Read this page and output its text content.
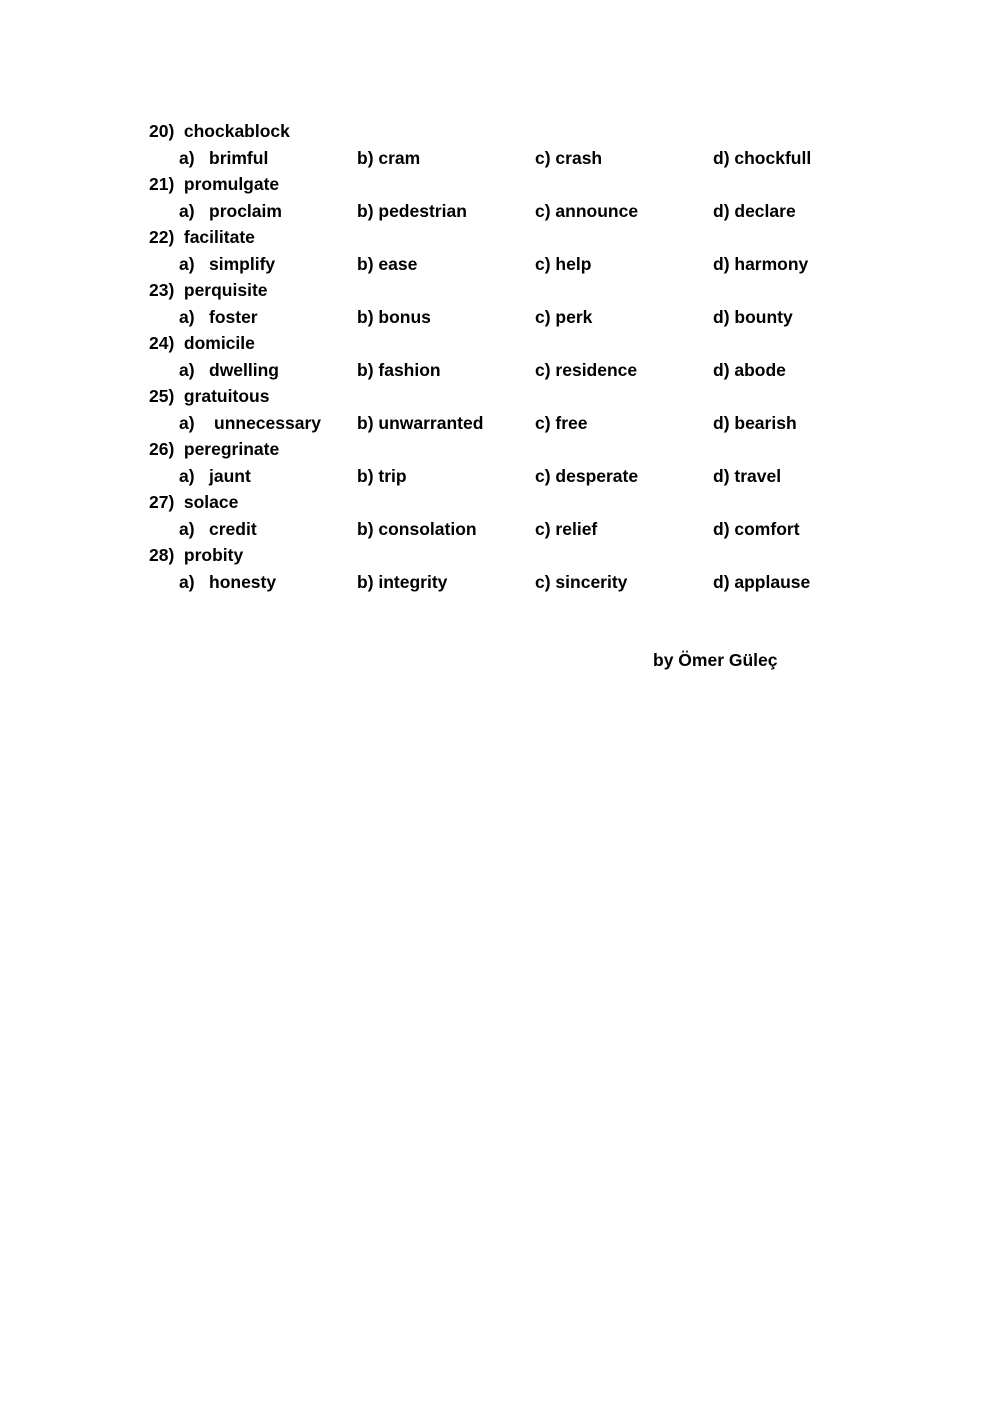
20) chockablock
a) brimful	b) cram	c) crash	d) chockfull
21) promulgate
a) proclaim	b) pedestrian	c) announce	d) declare
22) facilitate
a) simplify	b) ease	c) help	d) harmony
23) perquisite
a) foster	b) bonus	c) perk	d) bounty
24) domicile
a) dwelling	b) fashion	c) residence	d) abode
25) gratuitous
a) unnecessary b) unwarranted	c) free	d) bearish
26) peregrinate
a) jaunt	b) trip	c) desperate	d) travel
27) solace
a) credit	b) consolation	c) relief	d) comfort
28) probity
a) honesty	b) integrity	c) sincerity	d) applause
by Ömer Güleç
